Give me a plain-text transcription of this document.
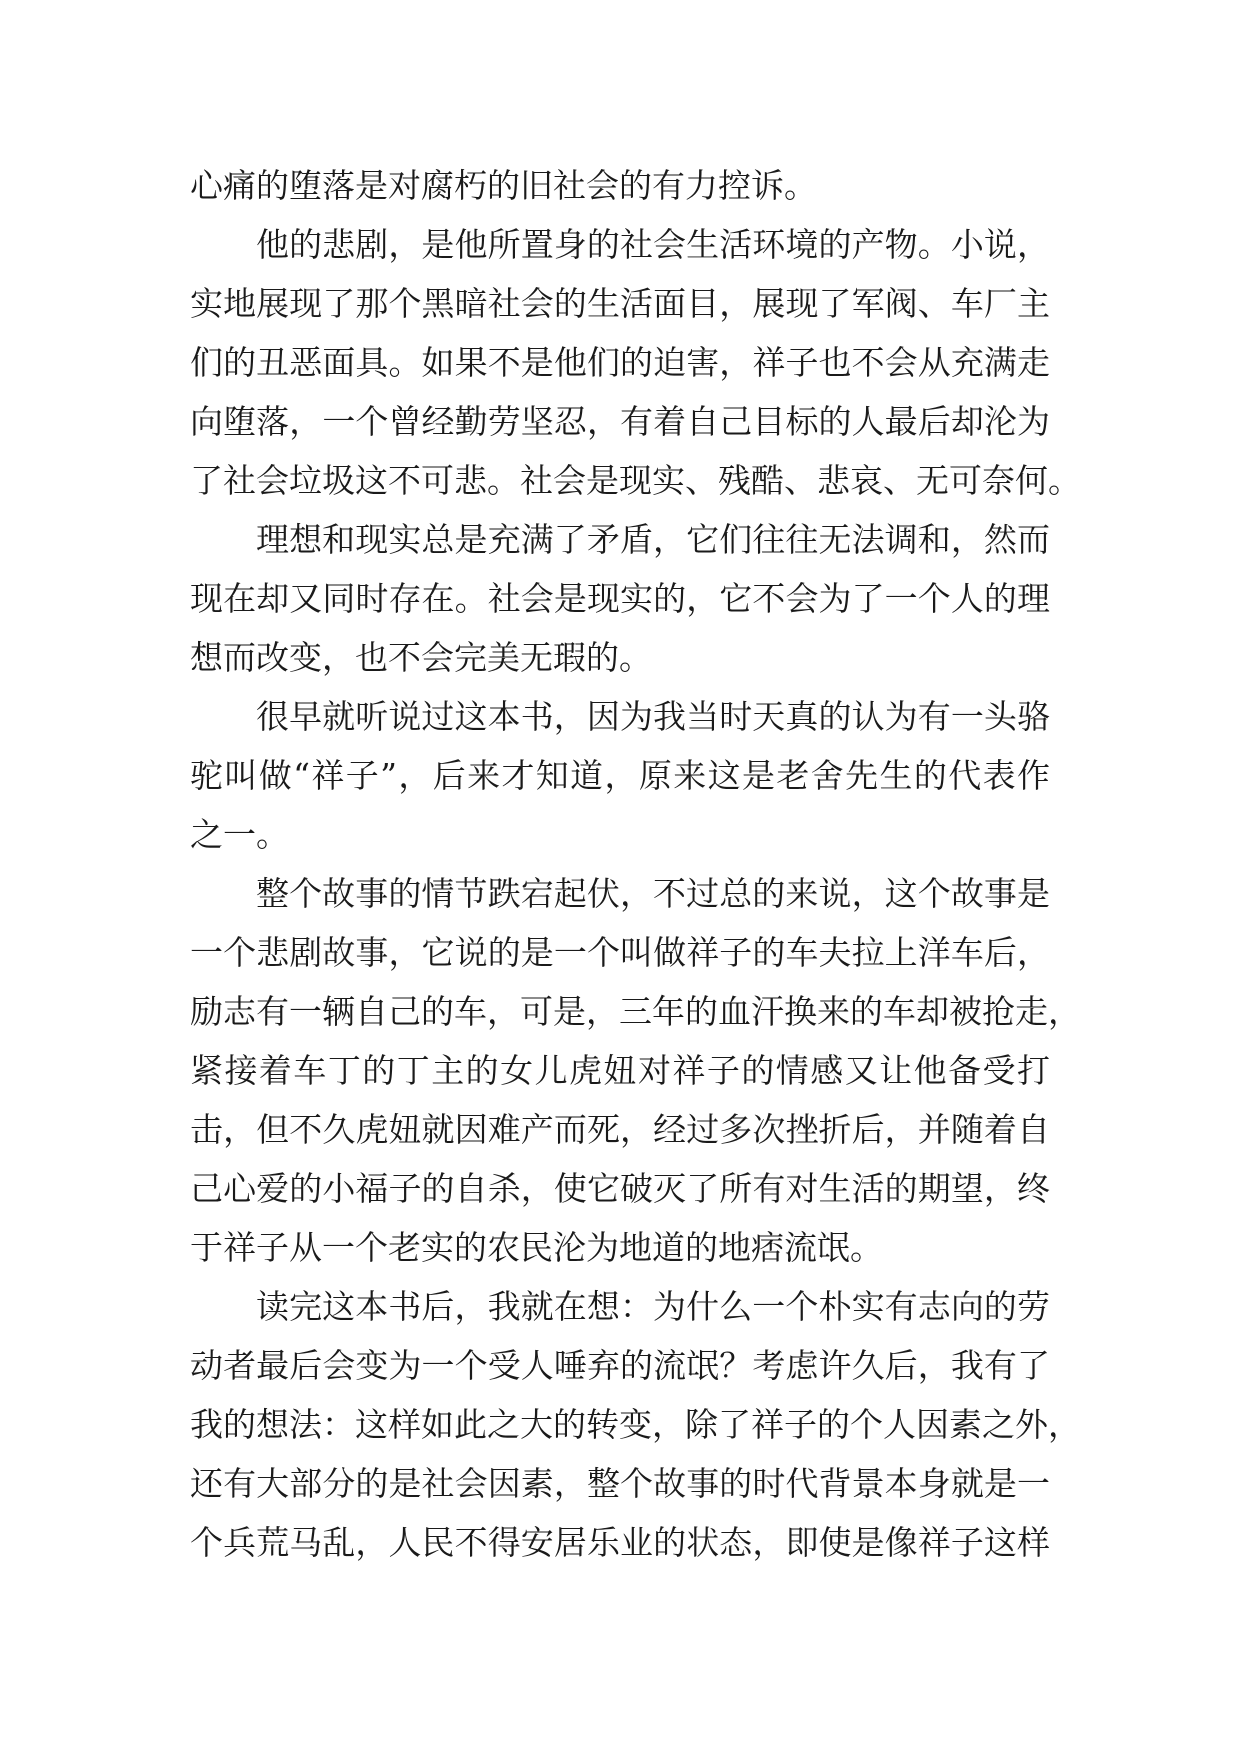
心痛的堕落是对腐朽的旧社会的有力控诉。
他的悲剧，是他所置身的社会生活环境的产物。小说，
实地展现了那个黑暗社会的生活面目，展现了军阀、车厂主
们的丑恶面具。如果不是他们的迫害，祥子也不会从充满走
向堕落，一个曾经勤劳坚忍，有着自己目标的人最后却沦为
了社会垃圾这不可悲。社会是现实、残酷、悲哀、无可奈何。
理想和现实总是充满了矛盾，它们往往无法调和，然而
现在却又同时存在。社会是现实的，它不会为了一个人的理
想而改变，也不会完美无瑕的。
很早就听说过这本书，因为我当时天真的认为有一头骆
驼叫做“祥子”，后来才知道，原来这是老舍先生的代表作
之一。
整个故事的情节跌宕起伏，不过总的来说，这个故事是
一个悲剧故事，它说的是一个叫做祥子的车夫拉上洋车后，
励志有一辆自己的车，可是，三年的血汗换来的车却被抢走，
紧接着车丁的丁主的女儿虎妞对祥子的情感又让他备受打
击，但不久虎妞就因难产而死，经过多次挫折后，并随着自
己心爱的小福子的自杀，使它破灭了所有对生活的期望，终
于祥子从一个老实的农民沦为地道的地痞流氓。
读完这本书后，我就在想：为什么一个朴实有志向的劳
动者最后会变为一个受人唾弃的流氓？考虑许久后，我有了
我的想法：这样如此之大的转变，除了祥子的个人因素之外，
还有大部分的是社会因素，整个故事的时代背景本身就是一
个兵荒马乱，人民不得安居乐业的状态，即使是像祥子这样
